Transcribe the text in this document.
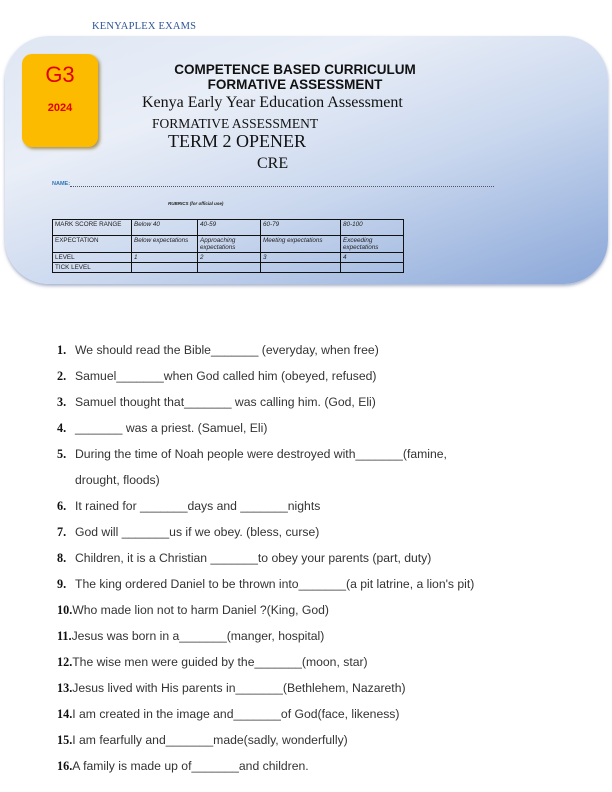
KENYAPLEX EXAMS
G3
2024
COMPETENCE BASED CURRICULUM
FORMATIVE ASSESSMENT
Kenya Early Year Education Assessment
FORMATIVE ASSESSMENT
TERM 2 OPENER
CRE
NAME:
RUBRICS (for official use)
MARK SCORE RANGE	Below 40	40-59	60-79	80-100
EXPECTATION	Below expectations	Approaching expectations	Meeting expectations	Exceeding expectations
LEVEL	1	2	3	4
TICK LEVEL				
1. We should read the Bible_______ (everyday, when free)
2. Samuel_______when God called him (obeyed, refused)
3. Samuel thought that_______ was calling him. (God, Eli)
4. _______ was a priest. (Samuel, Eli)
5. During the time of Noah people were destroyed with_______(famine,
drought, floods)
6. It rained for _______days and _______nights
7. God will _______us if we obey. (bless, curse)
8. Children, it is a Christian _______to obey your parents (part, duty)
9. The king ordered Daniel to be thrown into_______(a pit latrine, a lion's pit)
10.Who made lion not to harm Daniel ?(King, God)
11.Jesus was born in a_______(manger, hospital)
12.The wise men were guided by the_______(moon, star)
13.Jesus lived with His parents in_______(Bethlehem, Nazareth)
14.I am created in the image and_______of God(face, likeness)
15.I am fearfully and_______made(sadly, wonderfully)
16.A family is made up of_______and children.
